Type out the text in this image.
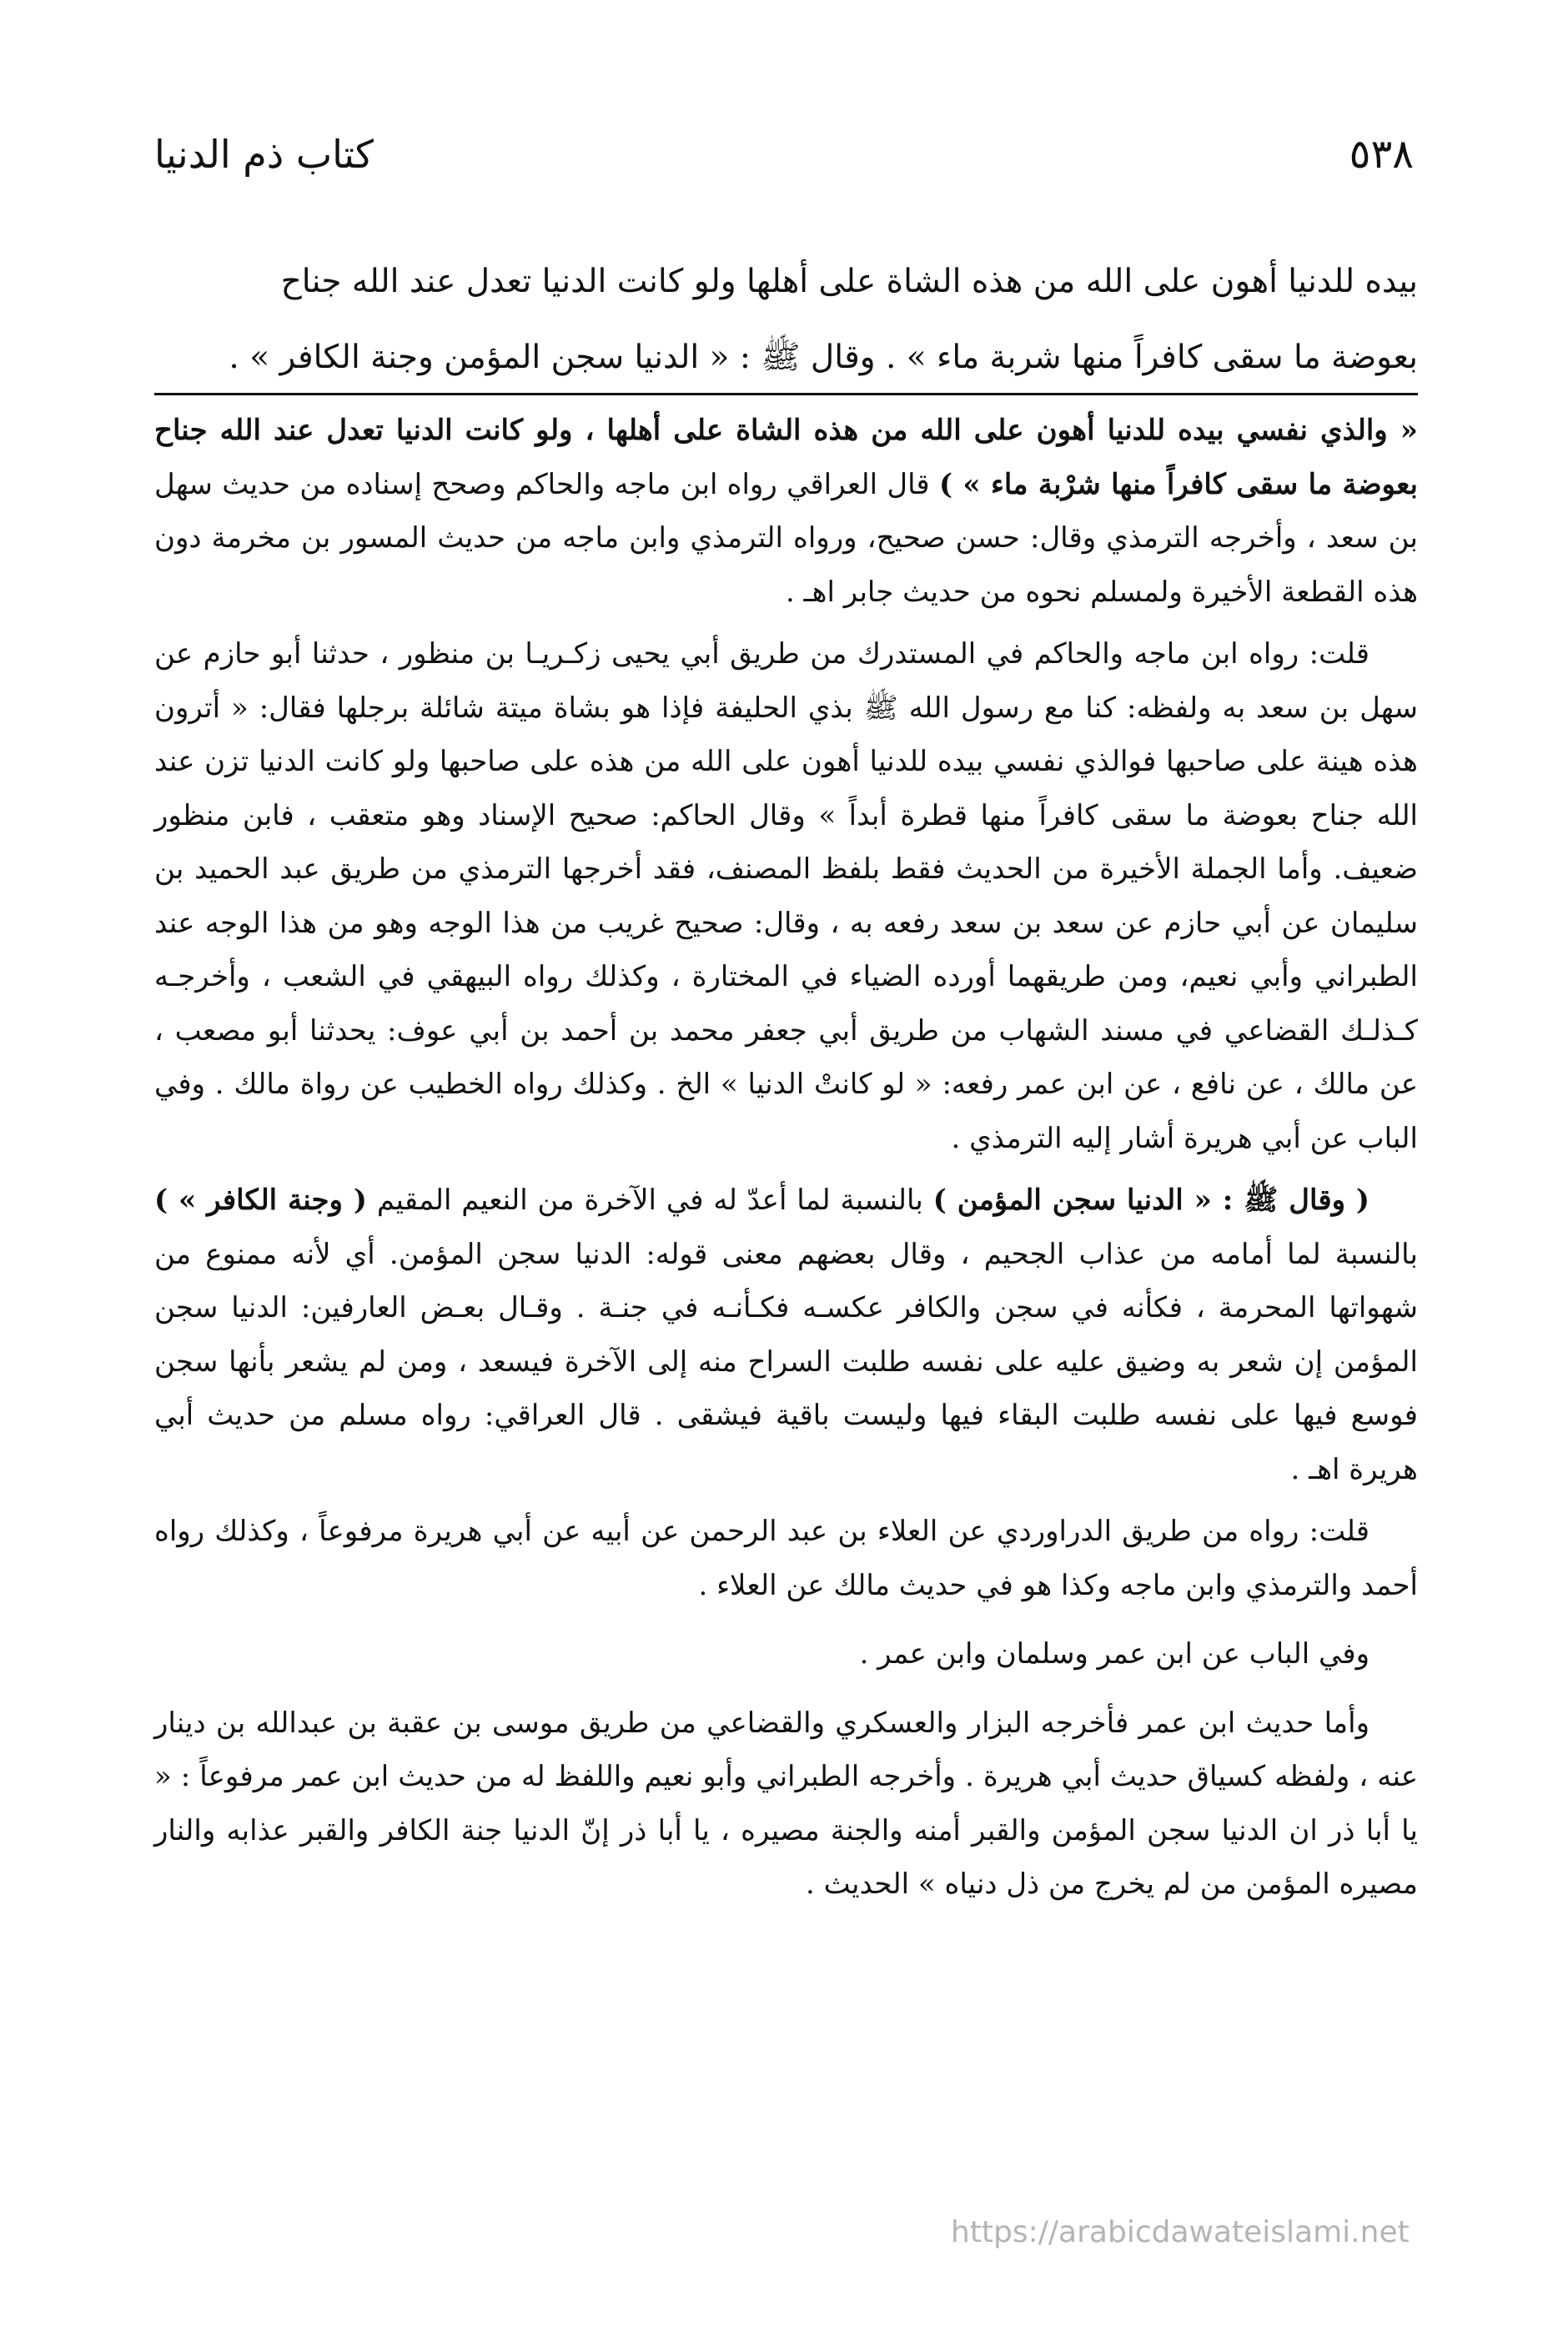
٥٣٨
كتاب ذم الدنيا

بيده للدنيا أهون على الله من هذه الشاة على أهلها ولو كانت الدنيا تعدل عند الله جناح

بعوضة ما سقى كافراً منها شربة ماء » . وقال ﷺ : « الدنيا سجن المؤمن وجنة الكافر » .

« والذي نفسي بيده للدنيا أهون على الله من هذه الشاة على أهلها ، ولو كانت الدنيا تعدل عند الله جناح بعوضة ما سقى كافراً منها شرْبة ماء » ) قال العراقي رواه ابن ماجه والحاكم وصحح إسناده من حديث سهل بن سعد ، وأخرجه الترمذي وقال: حسن صحيح، ورواه الترمذي وابن ماجه من حديث المسور بن مخرمة دون هذه القطعة الأخيرة ولمسلم نحوه من حديث جابر اهـ .

قلت: رواه ابن ماجه والحاكم في المستدرك من طريق أبي يحيى زكـريـا بن منظور ، حدثنا أبو حازم عن سهل بن سعد به ولفظه: كنا مع رسول الله ﷺ بذي الحليفة فإذا هو بشاة ميتة شائلة برجلها فقال: « أترون هذه هينة على صاحبها فوالذي نفسي بيده للدنيا أهون على الله من هذه على صاحبها ولو كانت الدنيا تزن عند الله جناح بعوضة ما سقى كافراً منها قطرة أبداً » وقال الحاكم: صحيح الإسناد وهو متعقب ، فابن منظور ضعيف. وأما الجملة الأخيرة من الحديث فقط بلفظ المصنف، فقد أخرجها الترمذي من طريق عبد الحميد بن سليمان عن أبي حازم عن سعد بن سعد رفعه به ، وقال: صحيح غريب من هذا الوجه وهو من هذا الوجه عند الطبراني وأبي نعيم، ومن طريقهما أورده الضياء في المختارة ، وكذلك رواه البيهقي في الشعب ، وأخرجـه كـذلـك القضاعي في مسند الشهاب من طريق أبي جعفر محمد بن أحمد بن أبي عوف: يحدثنا أبو مصعب ، عن مالك ، عن نافع ، عن ابن عمر رفعه: « لو كانتْ الدنيا » الخ . وكذلك رواه الخطيب عن رواة مالك . وفي الباب عن أبي هريرة أشار إليه الترمذي .

( وقال ﷺ : « الدنيا سجن المؤمن ) بالنسبة لما أعدّ له في الآخرة من النعيم المقيم ( وجنة الكافر » ) بالنسبة لما أمامه من عذاب الجحيم ، وقال بعضهم معنى قوله: الدنيا سجن المؤمن. أي لأنه ممنوع من شهواتها المحرمة ، فكأنه في سجن والكافر عكسـه فكـأنـه في جنـة . وقـال بعـض العارفين: الدنيا سجن المؤمن إن شعر به وضيق عليه على نفسه طلبت السراح منه إلى الآخرة فيسعد ، ومن لم يشعر بأنها سجن فوسع فيها على نفسه طلبت البقاء فيها وليست باقية فيشقى . قال العراقي: رواه مسلم من حديث أبي هريرة اهـ .

قلت: رواه من طريق الدراوردي عن العلاء بن عبد الرحمن عن أبيه عن أبي هريرة مرفوعاً ، وكذلك رواه أحمد والترمذي وابن ماجه وكذا هو في حديث مالك عن العلاء .

وفي الباب عن ابن عمر وسلمان وابن عمر .

وأما حديث ابن عمر فأخرجه البزار والعسكري والقضاعي من طريق موسى بن عقبة بن عبدالله بن دينار عنه ، ولفظه كسياق حديث أبي هريرة . وأخرجه الطبراني وأبو نعيم واللفظ له من حديث ابن عمر مرفوعاً : « يا أبا ذر ان الدنيا سجن المؤمن والقبر أمنه والجنة مصيره ، يا أبا ذر إنّ الدنيا جنة الكافر والقبر عذابه والنار مصيره المؤمن من لم يخرج من ذل دنياه » الحديث .

https://arabicdawateislami.net
